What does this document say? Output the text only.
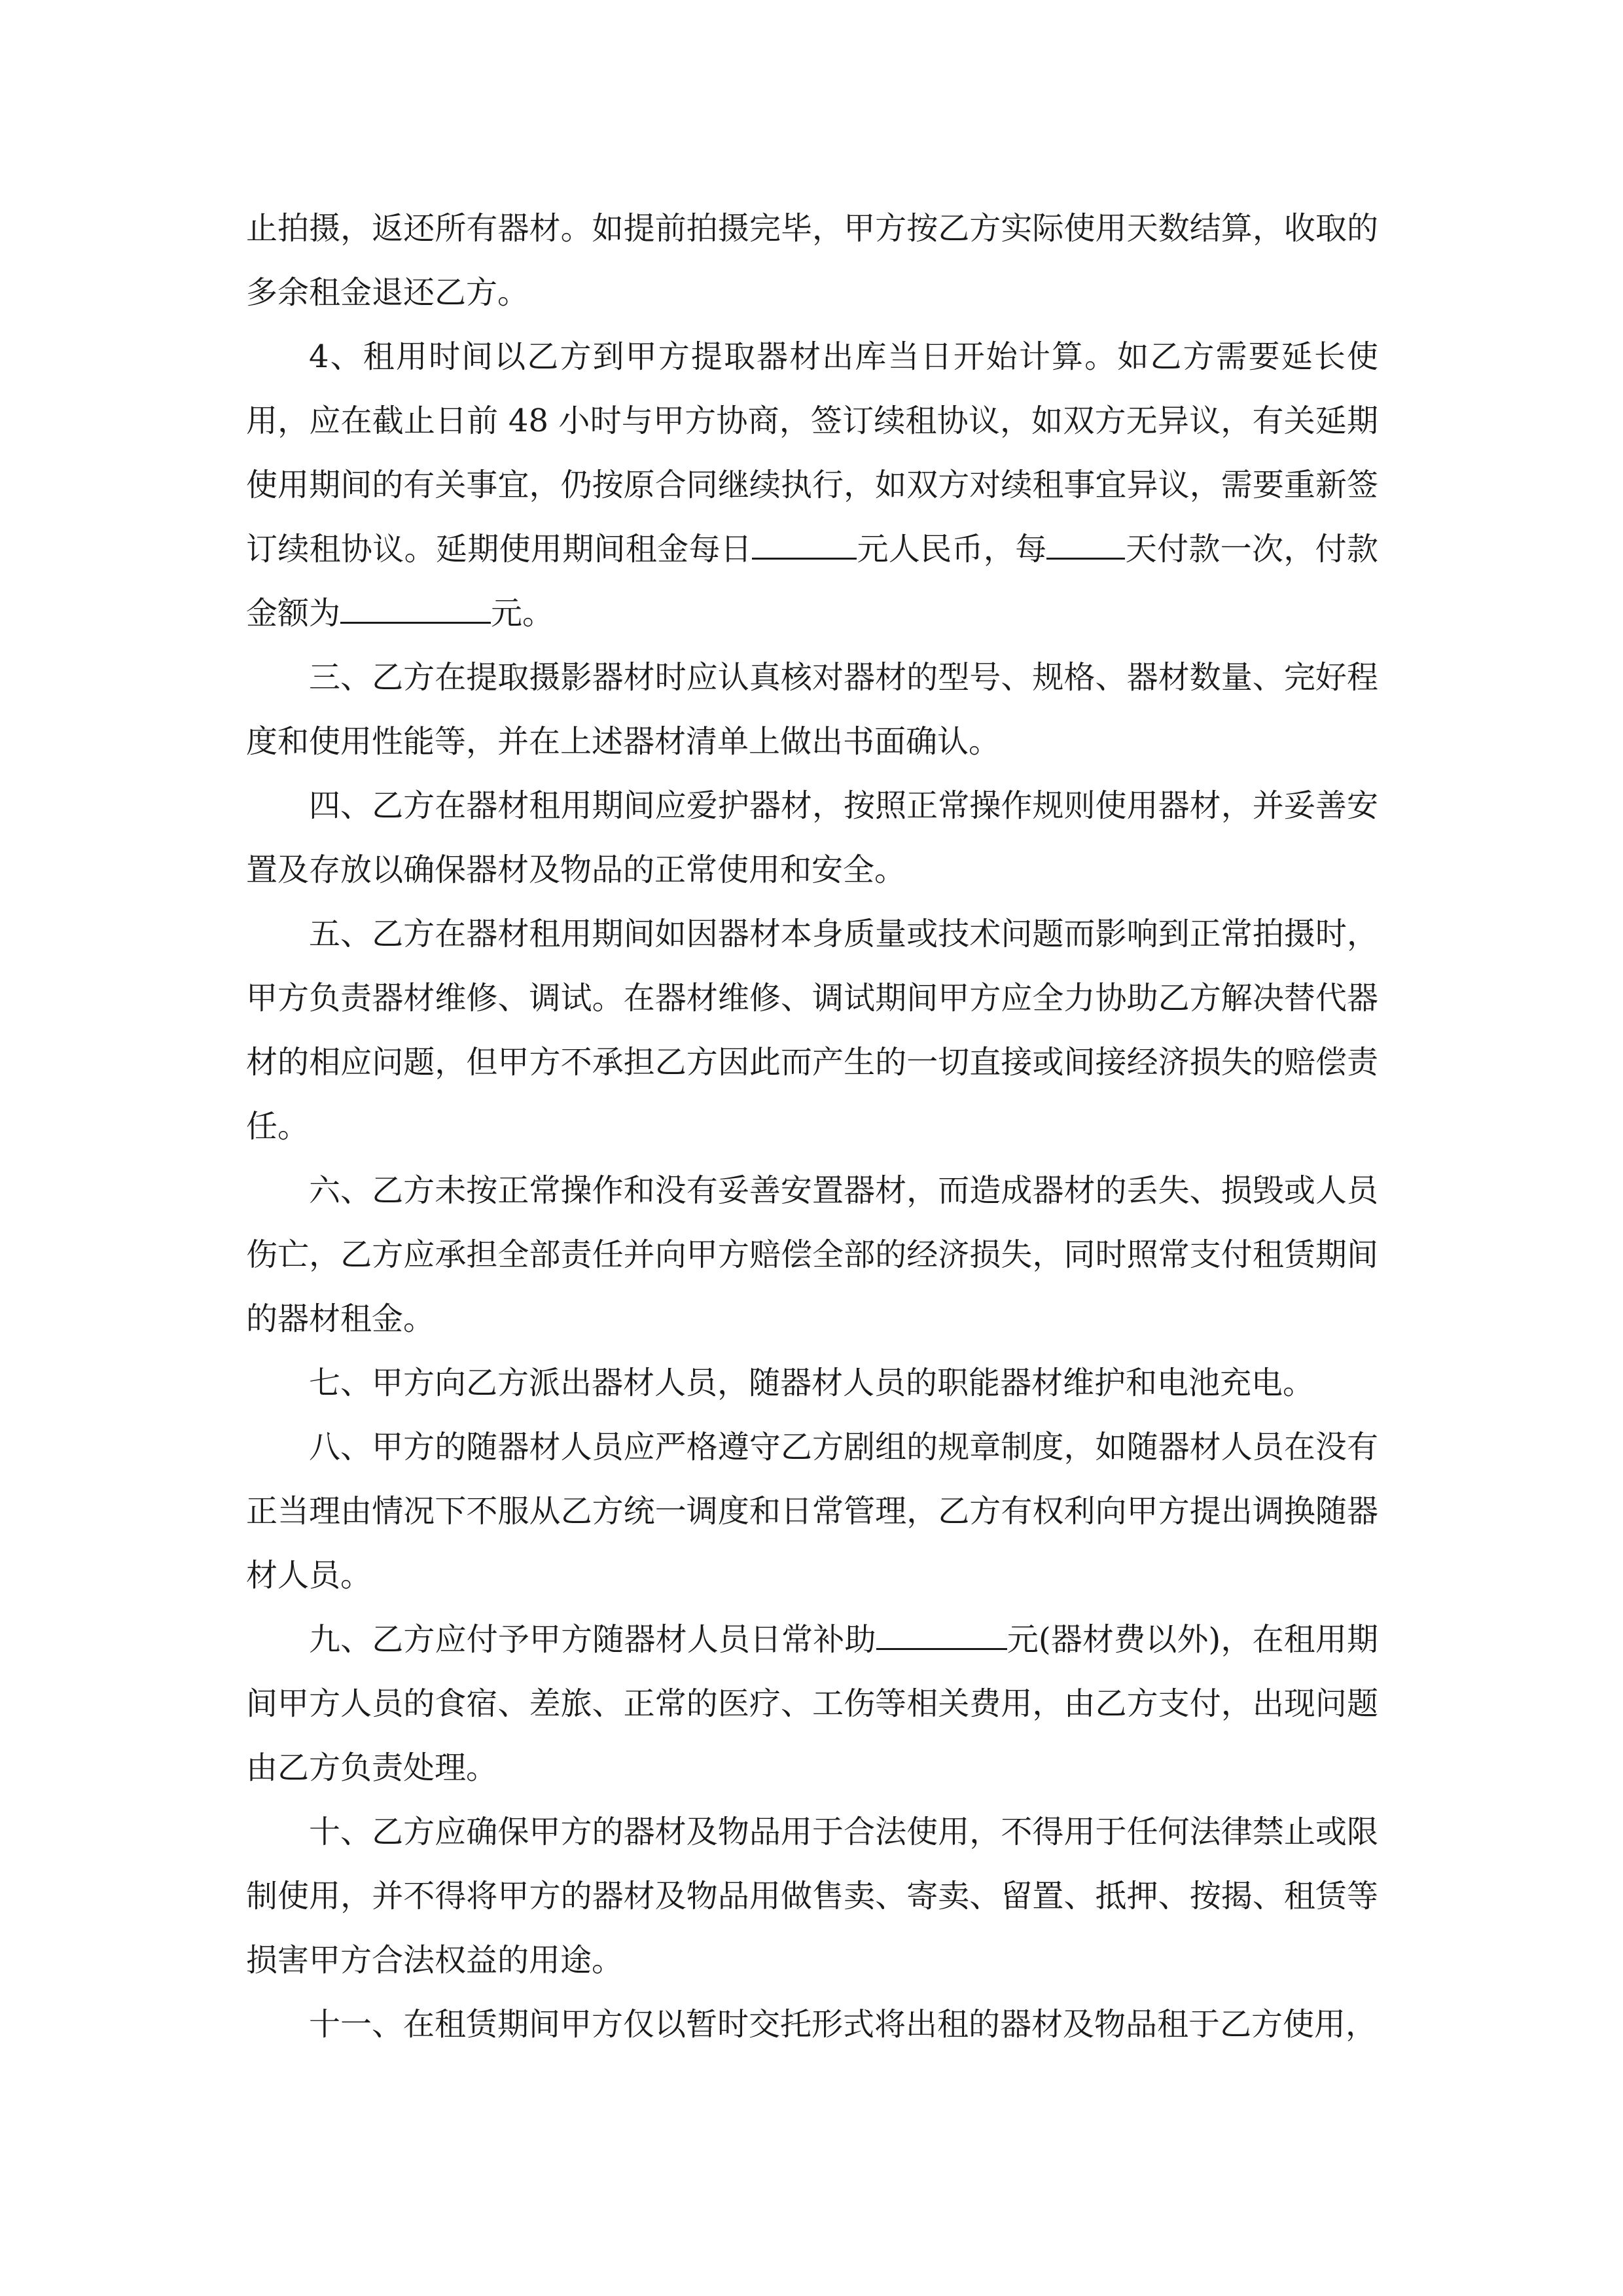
止拍摄，返还所有器材。如提前拍摄完毕，甲方按乙方实际使用天数结算，收取的多余租金退还乙方。

4、租用时间以乙方到甲方提取器材出库当日开始计算。如乙方需要延长使用，应在截止日前 48 小时与甲方协商，签订续租协议，如双方无异议，有关延期使用期间的有关事宜，仍按原合同继续执行，如双方对续租事宜异议，需要重新签订续租协议。延期使用期间租金每日	元人民币，每	天付款一次，付款金额为	元。

三、乙方在提取摄影器材时应认真核对器材的型号、规格、器材数量、完好程度和使用性能等，并在上述器材清单上做出书面确认。

四、乙方在器材租用期间应爱护器材，按照正常操作规则使用器材，并妥善安置及存放以确保器材及物品的正常使用和安全。

五、乙方在器材租用期间如因器材本身质量或技术问题而影响到正常拍摄时，甲方负责器材维修、调试。在器材维修、调试期间甲方应全力协助乙方解决替代器材的相应问题，但甲方不承担乙方因此而产生的一切直接或间接经济损失的赔偿责任。

六、乙方未按正常操作和没有妥善安置器材，而造成器材的丢失、损毁或人员伤亡，乙方应承担全部责任并向甲方赔偿全部的经济损失，同时照常支付租赁期间的器材租金。

七、甲方向乙方派出器材人员，随器材人员的职能器材维护和电池充电。

八、甲方的随器材人员应严格遵守乙方剧组的规章制度，如随器材人员在没有正当理由情况下不服从乙方统一调度和日常管理，乙方有权利向甲方提出调换随器材人员。

九、乙方应付予甲方随器材人员日常补助	元(器材费以外)，在租用期间甲方人员的食宿、差旅、正常的医疗、工伤等相关费用，由乙方支付，出现问题由乙方负责处理。

十、乙方应确保甲方的器材及物品用于合法使用，不得用于任何法律禁止或限制使用，并不得将甲方的器材及物品用做售卖、寄卖、留置、抵押、按揭、租赁等损害甲方合法权益的用途。

十一、在租赁期间甲方仅以暂时交托形式将出租的器材及物品租于乙方使用，
